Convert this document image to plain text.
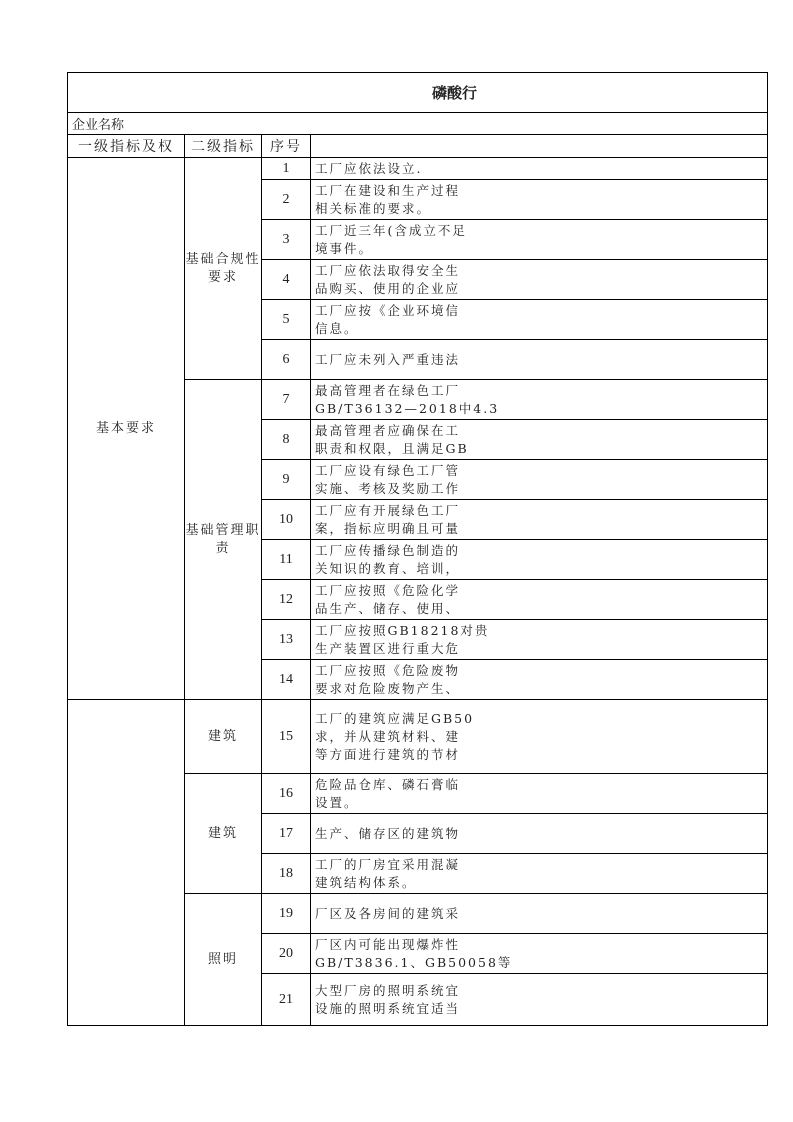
磷酸行			
企业名称			
一级指标及权	二级指标	序号	
基本要求	基础合规性要求	1	工厂应依法设立.
		2	工厂在建设和生产过程
相关标准的要求。
		3	工厂近三年(含成立不足
境事件。
		4	工厂应依法取得安全生
品购买、使用的企业应
		5	工厂应按《企业环境信
信息。
		6	工厂应未列入严重违法
	基础管理职责	7	最高管理者在绿色工厂
GB/T36132—2018中4.3
		8	最高管理者应确保在工
职责和权限，且满足GB
		9	工厂应设有绿色工厂管
实施、考核及奖励工作
		10	工厂应有开展绿色工厂
案，指标应明确且可量
		11	工厂应传播绿色制造的
关知识的教育、培训，
		12	工厂应按照《危险化学
品生产、储存、使用、
		13	工厂应按照GB18218对贵
生产装置区进行重大危
		14	工厂应按照《危险废物
要求对危险废物产生、
	建筑	15	工厂的建筑应满足GB50
求，并从建筑材料、建
等方面进行建筑的节材
	建筑	16	危险品仓库、磷石膏临
设置。
		17	生产、储存区的建筑物
		18	工厂的厂房宜采用混凝
建筑结构体系。
	照明	19	厂区及各房间的建筑采
		20	厂区内可能出现爆炸性
GB/T3836.1、GB50058等
		21	大型厂房的照明系统宜
设施的照明系统宜适当
